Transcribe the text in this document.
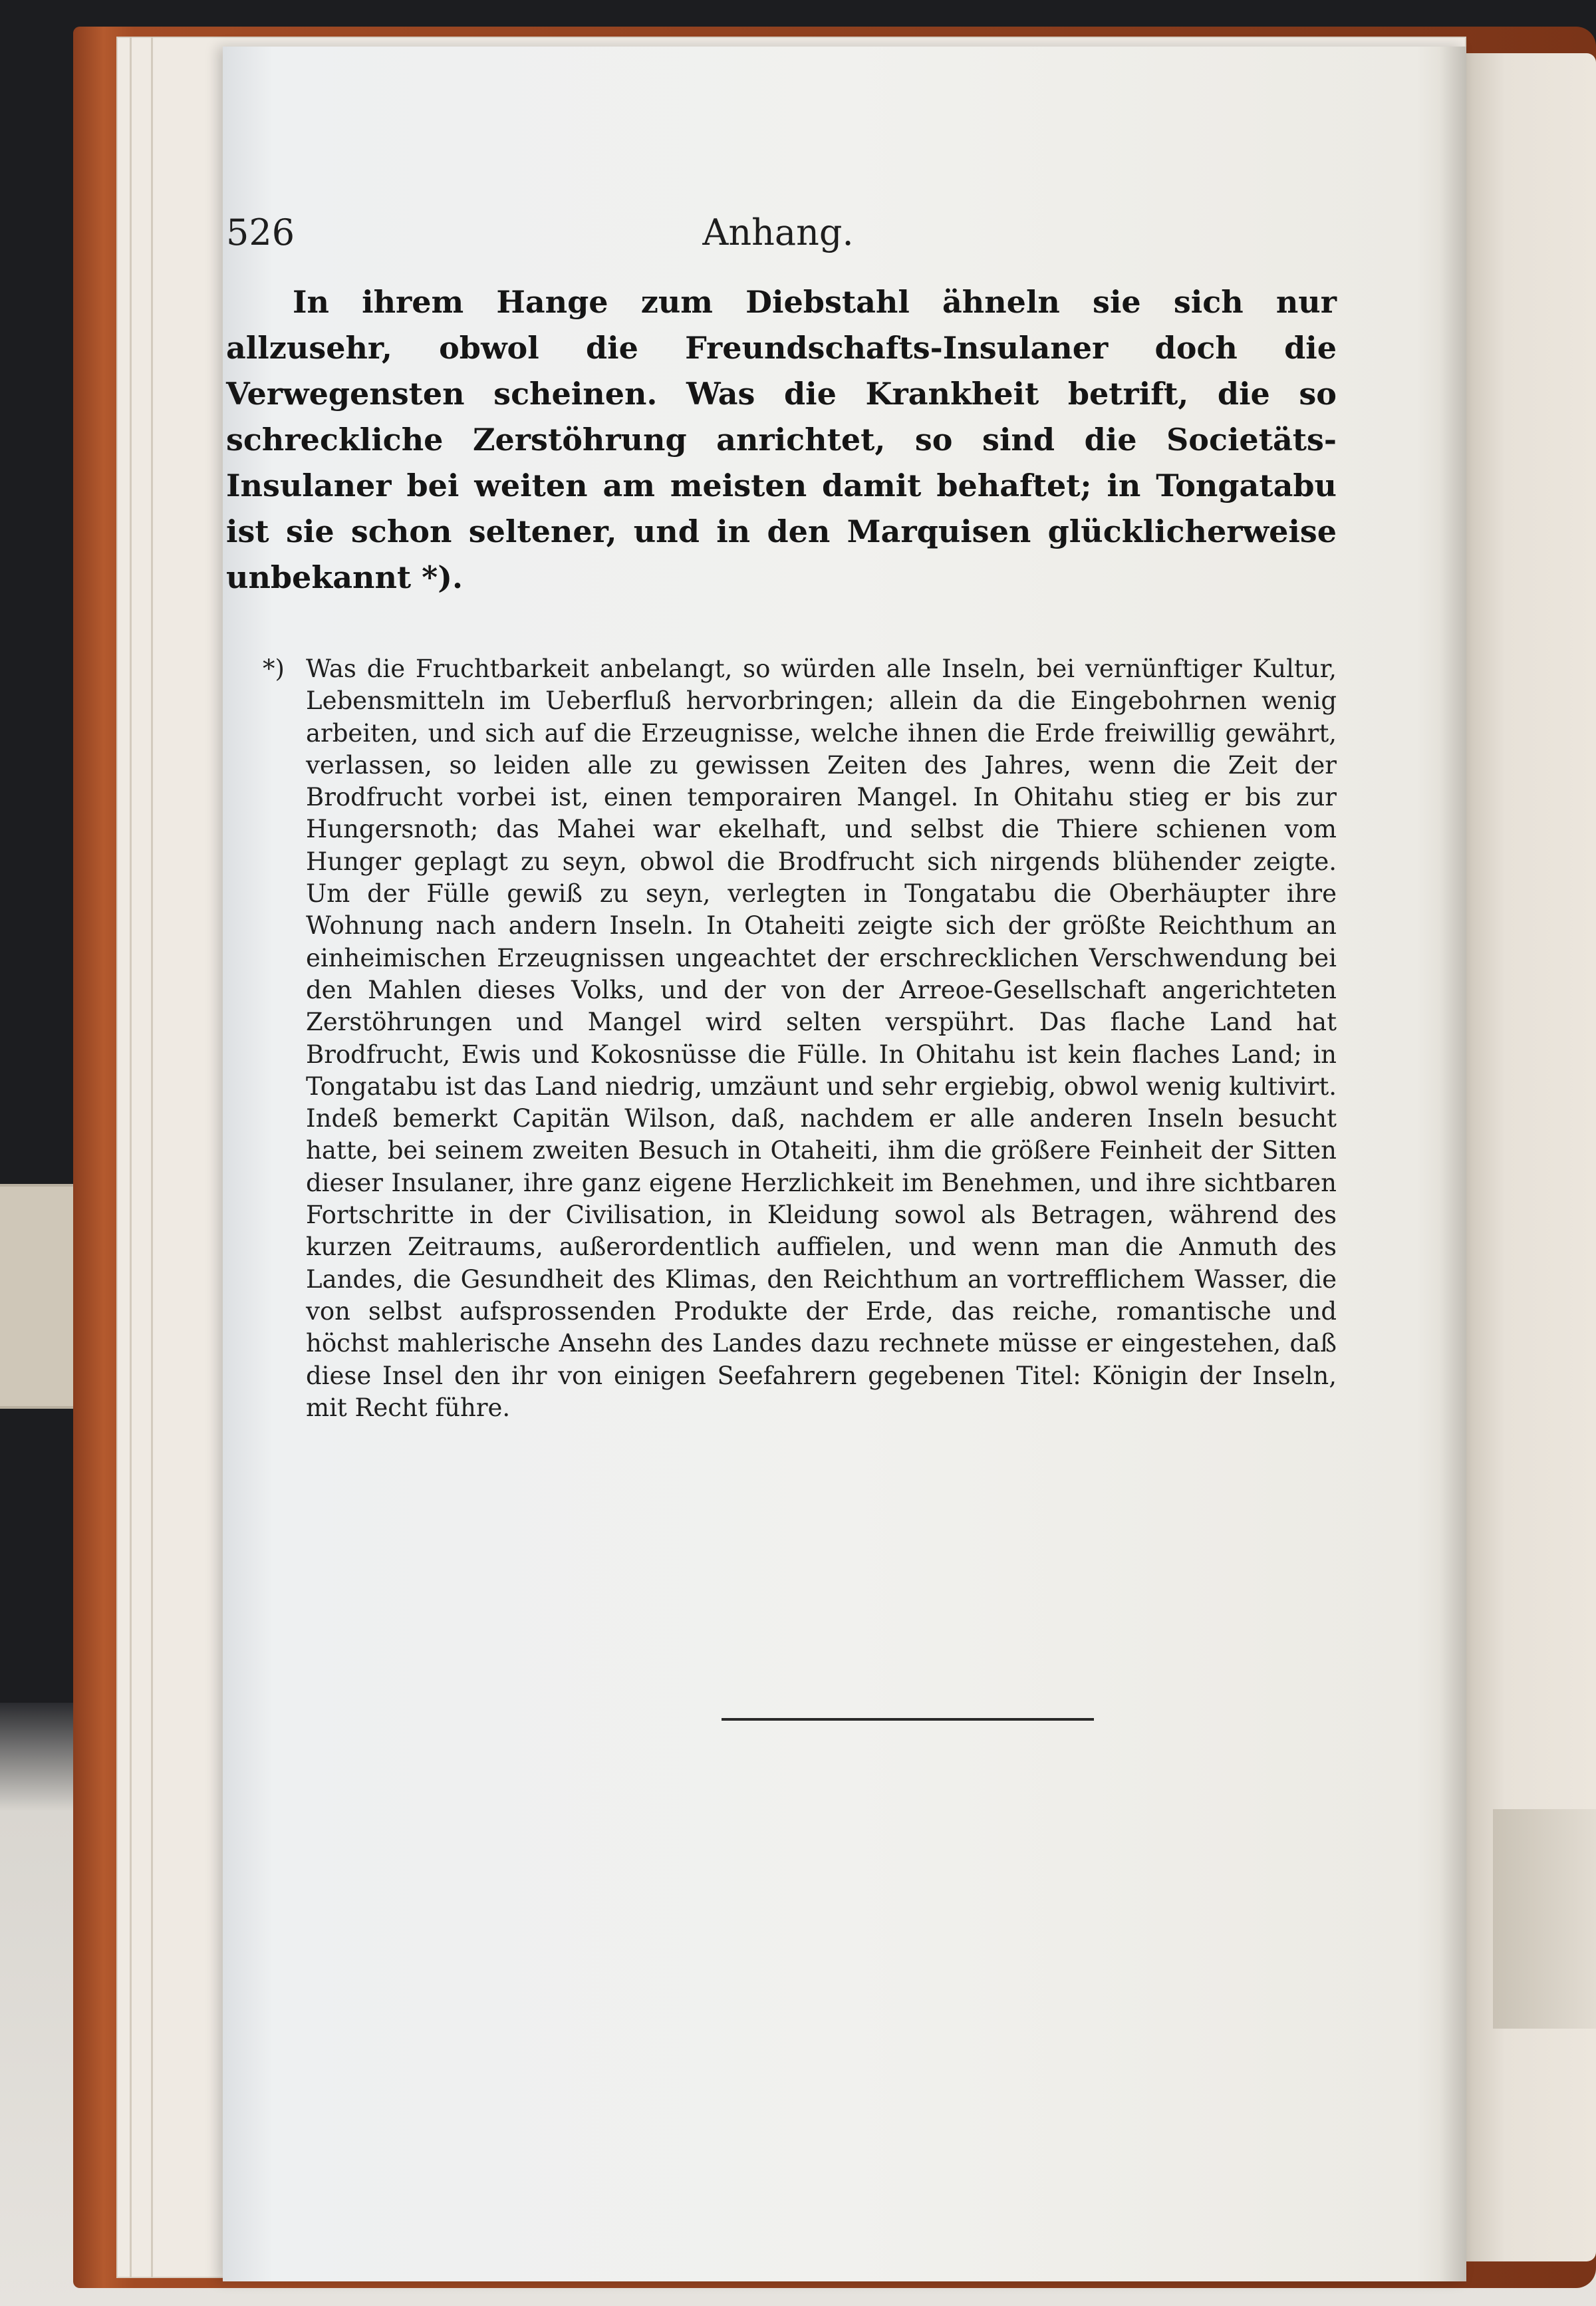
526	Anhang.

In ihrem Hange zum Diebstahl ähneln sie sich nur allzusehr, obwol die Freundschafts-Insulaner doch die Verwegensten scheinen. Was die Krankheit betrift, die so schreckliche Zerstöhrung anrichtet, so sind die Societäts-Insulaner bei weiten am meisten damit behaftet; in Tongatabu ist sie schon seltener, und in den Marquisen glücklicherweise unbekannt *).

*) Was die Fruchtbarkeit anbelangt, so würden alle Inseln, bei vernünftiger Kultur, Lebensmitteln im Ueberfluß hervorbringen; allein da die Eingebohrnen wenig arbeiten, und sich auf die Erzeugnisse, welche ihnen die Erde freiwillig gewährt, verlassen, so leiden alle zu gewissen Zeiten des Jahres, wenn die Zeit der Brodfrucht vorbei ist, einen temporairen Mangel. In Ohitahu stieg er bis zur Hungersnoth; das Mahei war ekelhaft, und selbst die Thiere schienen vom Hunger geplagt zu seyn, obwol die Brodfrucht sich nirgends blühender zeigte. Um der Fülle gewiß zu seyn, verlegten in Tongatabu die Oberhäupter ihre Wohnung nach andern Inseln. In Otaheiti zeigte sich der größte Reichthum an einheimischen Erzeugnissen ungeachtet der erschrecklichen Verschwendung bei den Mahlen dieses Volks, und der von der Arreoe-Gesellschaft angerichteten Zerstöhrungen und Mangel wird selten verspührt. Das flache Land hat Brodfrucht, Ewis und Kokosnüsse die Fülle. In Ohitahu ist kein flaches Land; in Tongatabu ist das Land niedrig, umzäunt und sehr ergiebig, obwol wenig kultivirt. Indeß bemerkt Capitän Wilson, daß, nachdem er alle anderen Inseln besucht hatte, bei seinem zweiten Besuch in Otaheiti, ihm die größere Feinheit der Sitten dieser Insulaner, ihre ganz eigene Herzlichkeit im Benehmen, und ihre sichtbaren Fortschritte in der Civilisation, in Kleidung sowol als Betragen, während des kurzen Zeitraums, außerordentlich auffielen, und wenn man die Anmuth des Landes, die Gesundheit des Klimas, den Reichthum an vortrefflichem Wasser, die von selbst aufsprossenden Produkte der Erde, das reiche, romantische und höchst mahlerische Ansehn des Landes dazu rechnete müsse er eingestehen, daß diese Insel den ihr von einigen Seefahrern gegebenen Titel: Königin der Inseln, mit Recht führe.
